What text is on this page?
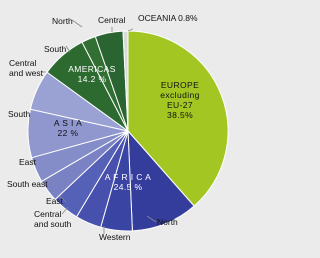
EUROPE excluding EU-27 38.5%
North
Western
Central and south
East
South east
East
South
Central and west
South
Central
North	OCEANIA 0.8%
A F R I C A 24.5 %
A S I A 22 %
AMERICAS 14.2 %
